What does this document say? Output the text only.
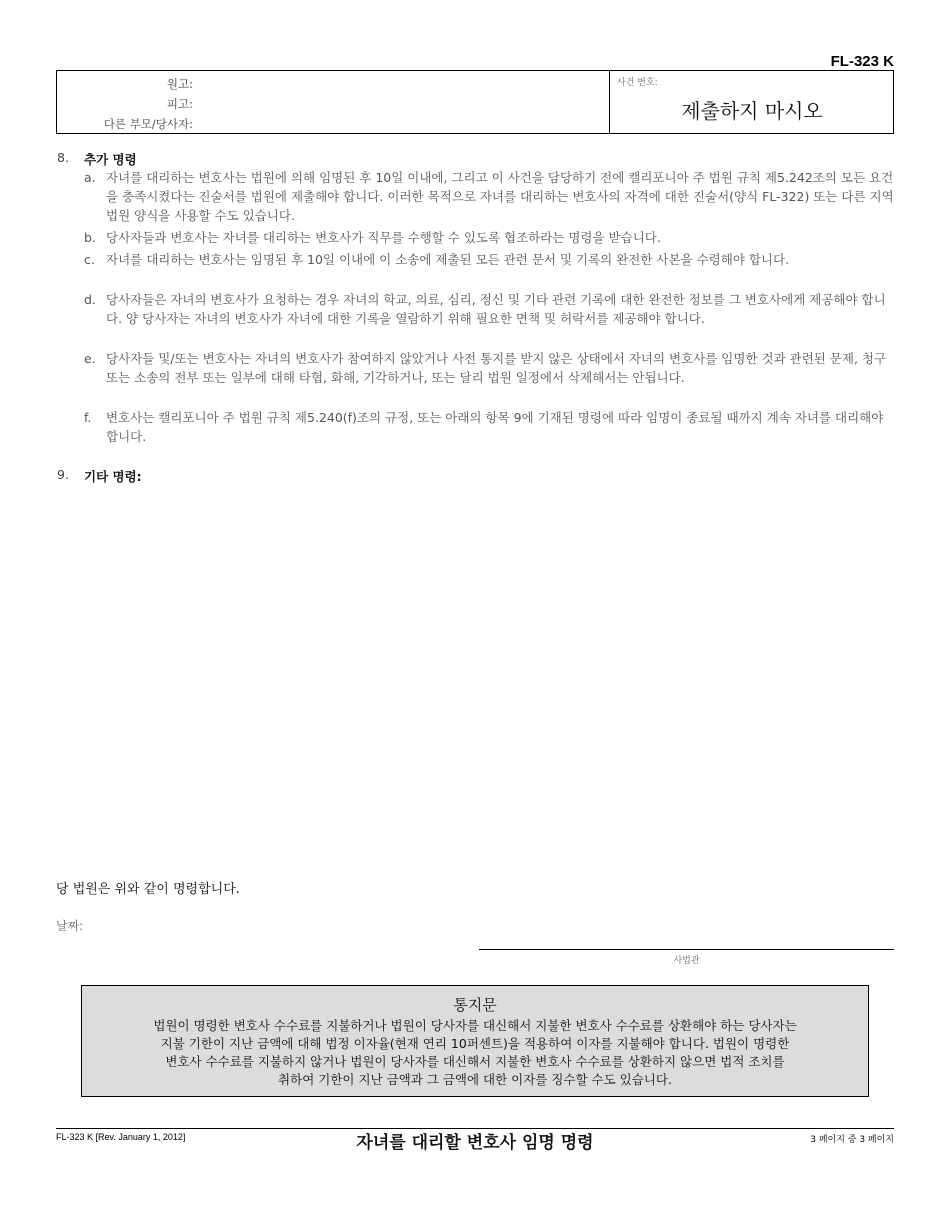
FL-323 K
원고:
피고:
다른 부모/당사자:
사건 번호:
제출하지 마시오
8. 추가 명령
a. 자녀를 대리하는 변호사는 법원에 의해 임명된 후 10일 이내에, 그리고 이 사건을 담당하기 전에 캘리포니아 주 법원 규칙 제5.242조의 모든 요건을 충족시켰다는 진술서를 법원에 제출해야 합니다. 이러한 목적으로 자녀를 대리하는 변호사의 자격에 대한 진술서(양식 FL-322) 또는 다른 지역 법원 양식을 사용할 수도 있습니다.
b. 당사자들과 변호사는 자녀를 대리하는 변호사가 직무를 수행할 수 있도록 협조하라는 명령을 받습니다.
c. 자녀를 대리하는 변호사는 임명된 후 10일 이내에 이 소송에 제출된 모든 관련 문서 및 기록의 완전한 사본을 수령해야 합니다.
d. 당사자들은 자녀의 변호사가 요청하는 경우 자녀의 학교, 의료, 심리, 정신 및 기타 관련 기록에 대한 완전한 정보를 그 변호사에게 제공해야 합니다. 양 당사자는 자녀의 변호사가 자녀에 대한 기록을 열람하기 위해 필요한 면책 및 허락서를 제공해야 합니다.
e. 당사자들 및/또는 변호사는 자녀의 변호사가 참여하지 않았거나 사전 통지를 받지 않은 상태에서 자녀의 변호사를 임명한 것과 관련된 문제, 청구 또는 소송의 전부 또는 일부에 대해 타협, 화해, 기각하거나, 또는 달리 법원 일정에서 삭제해서는 안됩니다.
f. 변호사는 캘리포니아 주 법원 규칙 제5.240(f)조의 규정, 또는 아래의 항목 9에 기재된 명령에 따라 임명이 종료될 때까지 계속 자녀를 대리해야 합니다.
9. 기타 명령:
당 법원은 위와 같이 명령합니다.
날짜:
사법관
통지문
법원이 명령한 변호사 수수료를 지불하거나 법원이 당사자를 대신해서 지불한 변호사 수수료를 상환해야 하는 당사자는
지불 기한이 지난 금액에 대해 법정 이자율(현재 연리 10퍼센트)을 적용하여 이자를 지불해야 합니다. 법원이 명령한
변호사 수수료를 지불하지 않거나 법원이 당사자를 대신해서 지불한 변호사 수수료를 상환하지 않으면 법적 조치를
취하여 기한이 지난 금액과 그 금액에 대한 이자를 징수할 수도 있습니다.
FL-323 K [Rev. January 1, 2012]	자녀를 대리할 변호사 임명 명령	3 페이지 중 3 페이지
